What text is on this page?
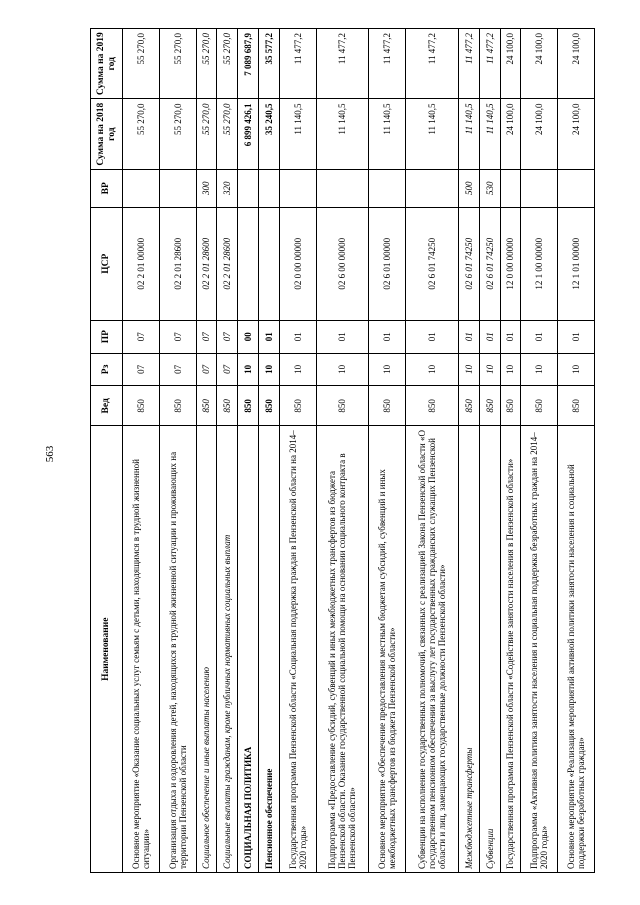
563
Наименование	Вед	Рз	ПР	ЦСР	ВР	Сумма на 2018 год	Сумма на 2019 год
Основное мероприятие «Оказание социальных услуг семьям с детьми, находящимся в трудной жизненной ситуации»	850	07	07	02 2 01 00000		55 270,0	55 270,0
Организация отдыха и оздоровления детей, находящихся в трудной жизненной ситуации и проживающих на территории Пензенской области	850	07	07	02 2 01 28600		55 270,0	55 270,0
Социальное обеспечение и иные выплаты населению	850	07	07	02 2 01 28600	300	55 270,0	55 270,0
Социальные выплаты гражданам, кроме публичных нормативных социальных выплат	850	07	07	02 2 01 28600	320	55 270,0	55 270,0
СОЦИАЛЬНАЯ ПОЛИТИКА	850	10	00			6 899 426,1	7 089 687,9
Пенсионное обеспечение	850	10	01			35 240,5	35 577,2
Государственная программа Пензенской области «Социальная поддержка граждан в Пензенской области на 2014–2020 годы»	850	10	01	02 0 00 00000		11 140,5	11 477,2
Подпрограмма «Предоставление субсидий, субвенций и иных межбюджетных трансфертов из бюджета Пензенской области. Оказание государственной социальной помощи на основании социального контракта в Пензенской области»	850	10	01	02 6 00 00000		11 140,5	11 477,2
Основное мероприятие «Обеспечение предоставления местным бюджетам субсидий, субвенций и иных межбюджетных трансфертов из бюджета Пензенской области»	850	10	01	02 6 01 00000		11 140,5	11 477,2
Субвенции на исполнение государственных полномочий, связанных с реализацией Закона Пензенской области «О государственном пенсионном обеспечении за выслугу лет государственных гражданских служащих Пензенской области и лиц, замещающих государственные должности Пензенской области»	850	10	01	02 6 01 74250		11 140,5	11 477,2
Межбюджетные трансферты	850	10	01	02 6 01 74250	500	11 140,5	11 477,2
Субвенции	850	10	01	02 6 01 74250	530	11 140,5	11 477,2
Государственная программа Пензенской области «Содействие занятости населения в Пензенской области»	850	10	01	12 0 00 00000		24 100,0	24 100,0
Подпрограмма «Активная политика занятости населения и социальная поддержка безработных граждан на 2014–2020 годы»	850	10	01	12 1 00 00000		24 100,0	24 100,0
Основное мероприятие «Реализация мероприятий активной политики занятости населения и социальной поддержки безработных граждан»	850	10	01	12 1 01 00000		24 100,0	24 100,0
